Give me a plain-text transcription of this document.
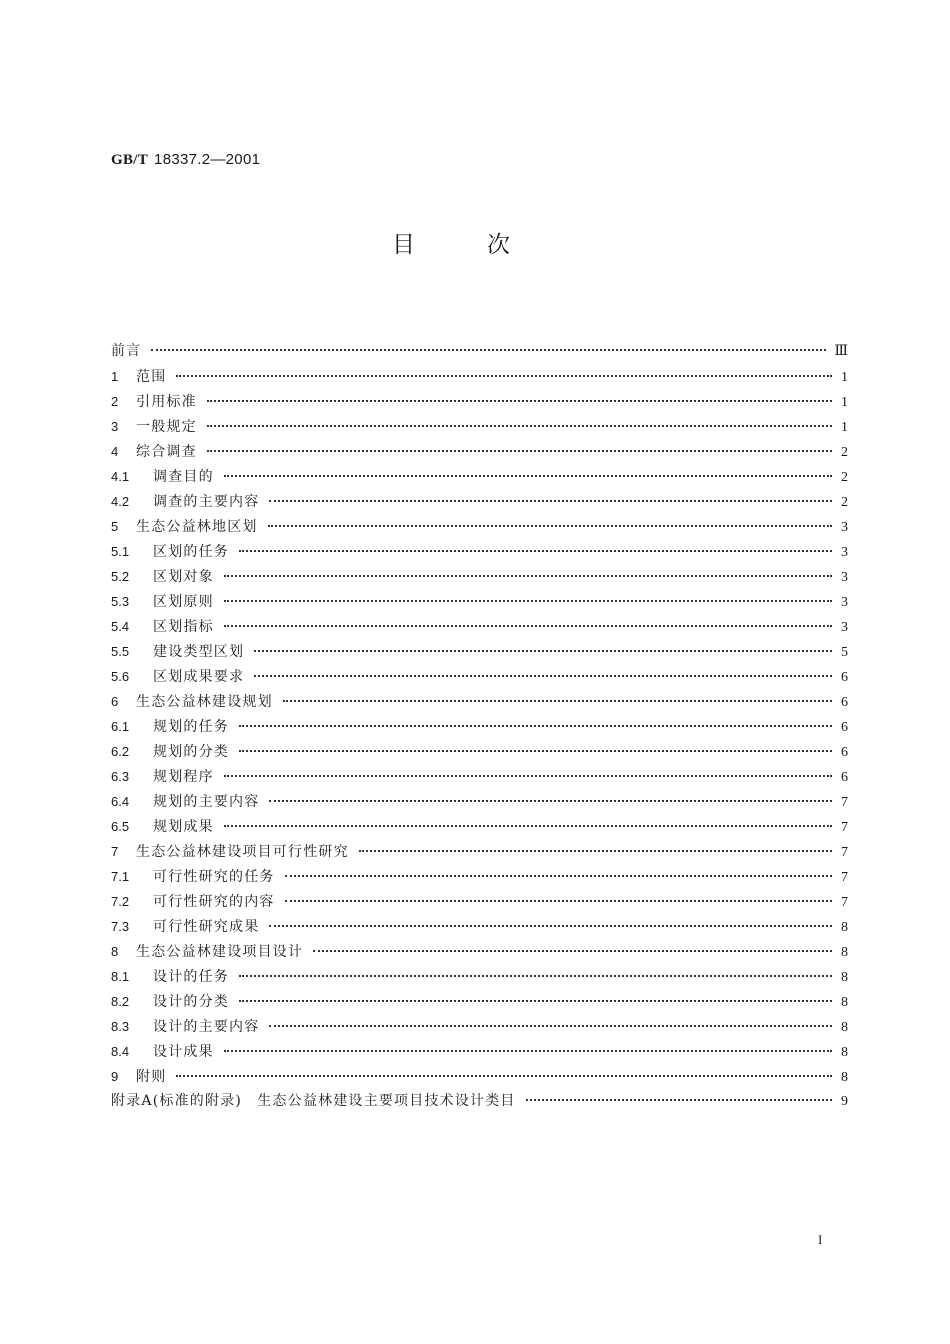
GB/T 18337.2—2001
目次
前言	Ⅲ
1	范围	1
2	引用标准	1
3	一般规定	1
4	综合调查	2
4.1	调查目的	2
4.2	调查的主要内容	2
5	生态公益林地区划	3
5.1	区划的任务	3
5.2	区划对象	3
5.3	区划原则	3
5.4	区划指标	3
5.5	建设类型区划	5
5.6	区划成果要求	6
6	生态公益林建设规划	6
6.1	规划的任务	6
6.2	规划的分类	6
6.3	规划程序	6
6.4	规划的主要内容	7
6.5	规划成果	7
7	生态公益林建设项目可行性研究	7
7.1	可行性研究的任务	7
7.2	可行性研究的内容	7
7.3	可行性研究成果	8
8	生态公益林建设项目设计	8
8.1	设计的任务	8
8.2	设计的分类	8
8.3	设计的主要内容	8
8.4	设计成果	8
9	附则	8
附录A(标准的附录)　生态公益林建设主要项目技术设计类目	9
I
